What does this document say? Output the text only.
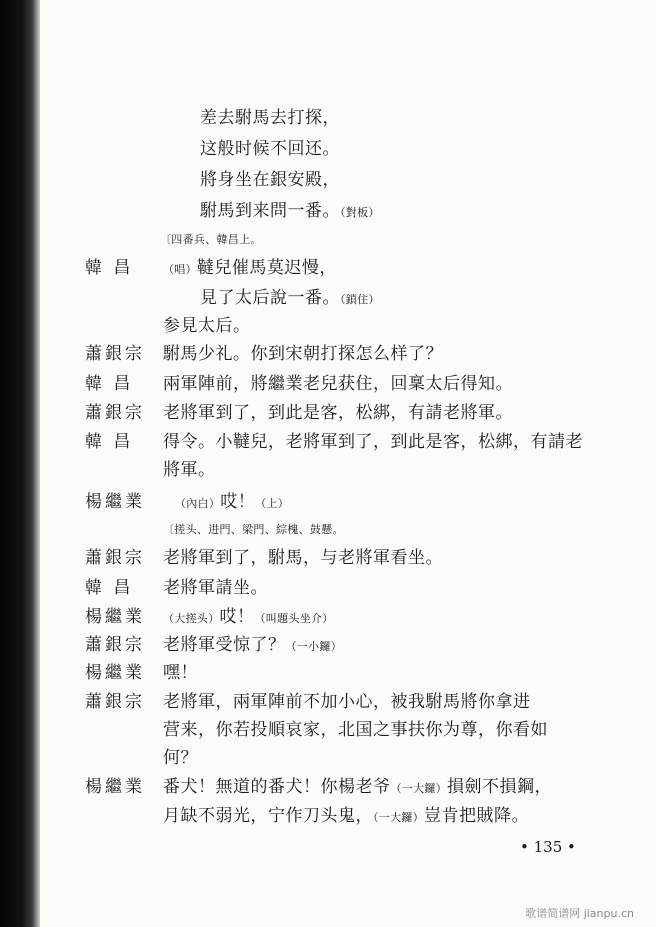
差去駙馬去打探，
这般时候不回还。
將身坐在銀安殿，
駙馬到来問一番。（對板）
〔四番兵、韓昌上。
韓 昌	（唱）韃兒催馬莫迟慢，
見了太后說一番。（鎖住）
参見太后。
蕭銀宗 駙馬少礼。你到宋朝打探怎么样了？
韓 昌 兩軍陣前，將繼業老兒获住，回稟太后得知。
蕭銀宗 老將軍到了，到此是客，松綁，有請老將軍。
韓 昌 得令。小韃兒，老將軍到了，到此是客，松綁，有請老
將軍。
楊繼業	（內白）哎！（上）
〔搓头、进門、梁門、綜槐、鼓懸。
蕭銀宗 老將軍到了，駙馬，与老將軍看坐。
韓 昌 老將軍請坐。
楊繼業 （大搓头）哎！（叫題头坐介）
蕭銀宗 老將軍受惊了？（一小鑼）
楊繼業 嘿！
蕭銀宗 老將軍，兩軍陣前不加小心，被我駙馬將你拿进
营来，你若投順哀家，北国之事扶你为尊，你看如
何？
楊繼業 番犬！無道的番犬！你楊老爷（一大鑼）損劍不損鋼，
月缺不弱光，宁作刀头鬼，（一大鑼）豈肯把賊降。
• 135 •
歌谱简谱网 jianpu.cn
